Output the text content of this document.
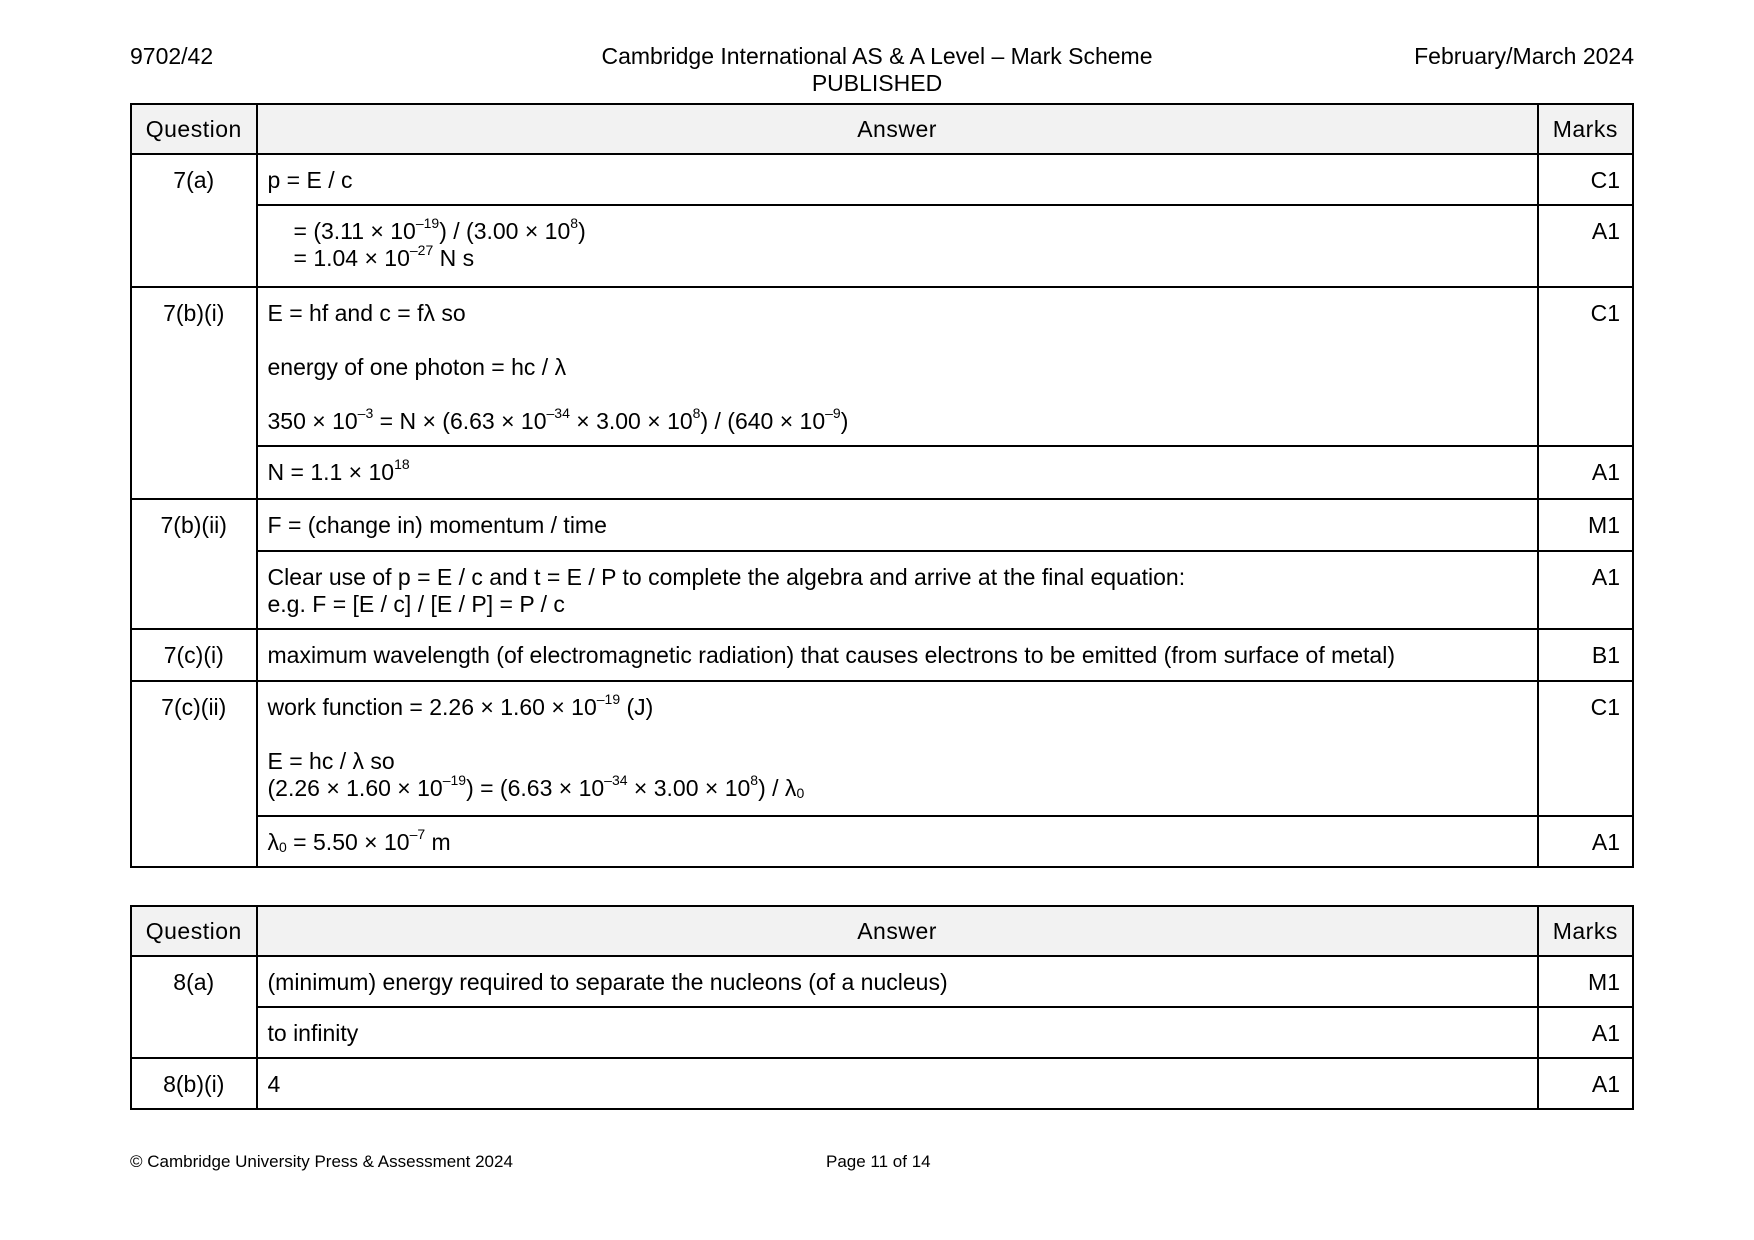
9702/42	Cambridge International AS & A Level – Mark Scheme
PUBLISHED
February/March 2024
Question	Answer	Marks
7(a)	p = E / c	C1

	= $(3.11 \times 10^{-19}) / (3.00 \times 10^8)$
= $1.04 \times 10^{-27}$ N s	A1
7(b)(i)	E = hf and c = fλ so
energy of one photon = hc / λ
$350 \times 10^{-3} = N \times (6.63 \times 10^{-34} \times 3.00 \times 10^8) / (640 \times 10^{-9})$	C1
	$N = 1.1 \times 10^{18}$	A1
7(b)(ii)	F = (change in) momentum / time	M1

	Clear use of p = E / c and t = E / P to complete the algebra and arrive at the final equation:
e.g. F = [E / c] / [E / P] = P / c	A1
7(c)(i)	maximum wavelength (of electromagnetic radiation) that causes electrons to be emitted (from surface of metal)	B1
7(c)(ii)	work function = $2.26 \times 1.60 \times 10^{-19}$ (J)
E = hc / λ so
$(2.26 \times 1.60 \times 10^{-19}) = (6.63 \times 10^{-34} \times 3.00 \times 10^8) / \lambda_0$	C1
	$\lambda_0 = 5.50 \times 10^{-7}$ m	A1
Question	Answer	Marks
8(a)	(minimum) energy required to separate the nucleons (of a nucleus)	M1
	to infinity	A1
8(b)(i)	4	A1
© Cambridge University Press & Assessment 2024	Page 11 of 14
